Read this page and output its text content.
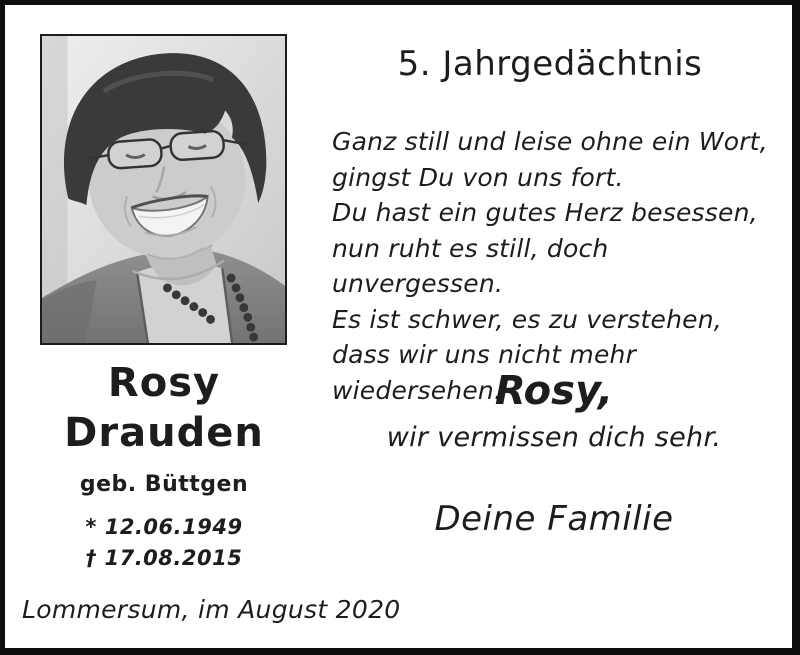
5. Jahrgedächtnis
Ganz still und leise ohne ein Wort,
gingst Du von uns fort.
Du hast ein gutes Herz besessen,
nun ruht es still, doch unvergessen.
Es ist schwer, es zu verstehen,
dass wir uns nicht mehr wiedersehen.
Rosy
Drauden
geb. Büttgen
* 12.06.1949
† 17.08.2015
Rosy,
wir vermissen dich sehr.
Deine Familie
Lommersum, im August 2020
